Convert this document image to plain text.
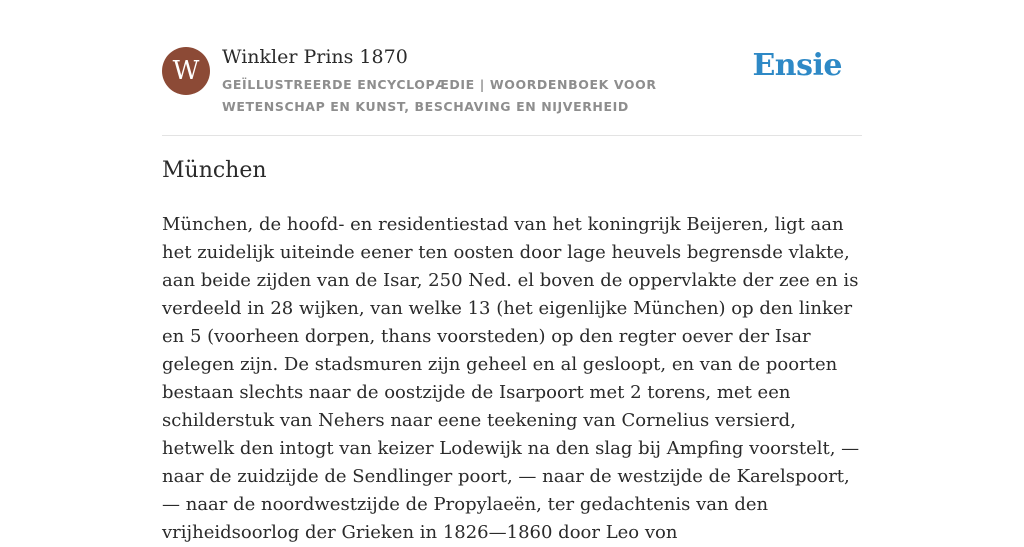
W	Winkler Prins 1870
GEÏLLUSTREERDE ENCYCLOPÆDIE | WOORDENBOEK VOOR WETENSCHAP EN KUNST, BESCHAVING EN NIJVERHEID
Ensie
München

München, de hoofd- en residentiestad van het koningrijk Beijeren, ligt aan het zuidelijk uiteinde eener ten oosten door lage heuvels begrensde vlakte, aan beide zijden van de Isar, 250 Ned. el boven de oppervlakte der zee en is verdeeld in 28 wijken, van welke 13 (het eigenlijke München) op den linker en 5 (voorheen dorpen, thans voorsteden) op den regter oever der Isar gelegen zijn. De stadsmuren zijn geheel en al gesloopt, en van de poorten bestaan slechts naar de oostzijde de Isarpoort met 2 torens, met een schilderstuk van Nehers naar eene teekening van Cornelius versierd, hetwelk den intogt van keizer Lodewijk na den slag bij Ampfing voorstelt, — naar de zuidzijde de Sendlinger poort, — naar de westzijde de Karelspoort, — naar de noordwestzijde de Propylaeën, ter gedachtenis van den vrijheidsoorlog der Grieken in 1826—1860 door Leo von
